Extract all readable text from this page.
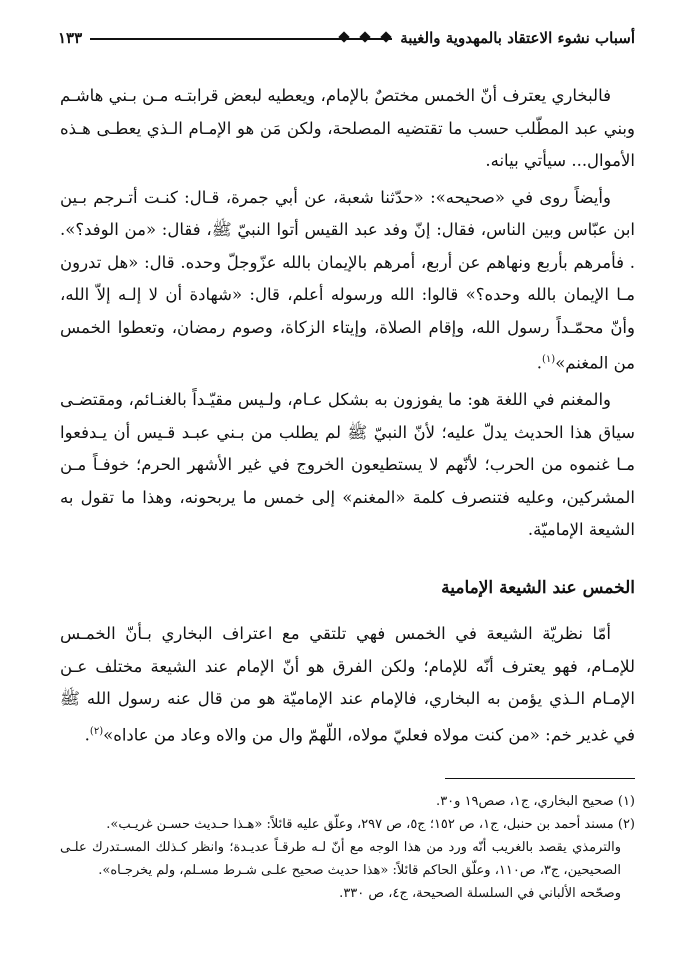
أسباب نشوء الاعتقاد بالمهدوية والغيبة
١٣٣

فالبخاري يعترف أنّ الخمس مختصٌ بالإمام، ويعطيه لبعض قرابتـه مـن بـني هاشـم وبني عبد المطّلب حسب ما تقتضيه المصلحة، ولكن مَن هو الإمـام الـذي يعطـى هـذه الأموال... سيأتي بيانه.

وأيضاً روى في «صحيحه»: «حدّثنا شعبة، عن أبي جمرة، قـال: كنـت أتـرجم بـين ابن عبّاس وبين الناس، فقال: إنّ وفد عبد القيس أتوا النبيّ ﷺ، فقال: «من الوفد؟». . فأمرهم بأربع ونهاهم عن أربع، أمرهم بالإيمان بالله عزّوجلّ وحده. قال: «هل تدرون مـا الإيمان بالله وحده؟» قالوا: الله ورسوله أعلم، قال: «شهادة أن لا إلـه إلاّ الله، وأنّ محمّـداً رسول الله، وإقام الصلاة، وإيتاء الزكاة، وصوم رمضان، وتعطوا الخمس من المغنم»$^{(١)}$.

والمغنم في اللغة هو: ما يفوزون به بشكل عـام، ولـيس مقيّـداً بالغنـائم، ومقتضـى سياق هذا الحديث يدلّ عليه؛ لأنّ النبيّ ﷺ لم يطلب من بـني عبـد قـيس أن يـدفعوا مـا غنموه من الحرب؛ لأنّهم لا يستطيعون الخروج في غير الأشهر الحرم؛ خوفـاً مـن المشركين، وعليه فتنصرف كلمة «المغنم» إلى خمس ما يربحونه، وهذا ما تقول به الشيعة الإماميّة.

الخمس عند الشيعة الإمامية

أمّا نظريّة الشيعة في الخمس فهي تلتقي مع اعتراف البخاري بـأنّ الخمـس للإمـام، فهو يعترف أنّه للإمام؛ ولكن الفرق هو أنّ الإمام عند الشيعة مختلف عـن الإمـام الـذي يؤمن به البخاري، فالإمام عند الإماميّة هو من قال عنه رسول الله ﷺ في غدير خم: «من كنت مولاه فعليّ مولاه، اللّهمّ وال من والاه وعاد من عاداه»$^{(٢)}$.

(١) صحيح البخاري، ج١، صص١٩ و٣٠.

(٢) مسند أحمد بن حنبل، ج١، ص ١٥٢؛ ج٥، ص ٢٩٧، وعلّق عليه قائلاً: «هـذا حـديث حسـن غريـب».

والترمذي يقصد بالغريب أنّه ورد من هذا الوجه مع أنّ لـه طرقـاً عديـدة؛ وانظر كـذلك المسـتدرك علـى الصحيحين، ج٣، ص١١٠، وعلّق الحاكم قائلاً: «هذا حديث صحيح علـى شـرط مسـلم، ولم يخرجـاه».

وصحّحه الألباني في السلسلة الصحيحة، ج٤، ص ٣٣٠.
